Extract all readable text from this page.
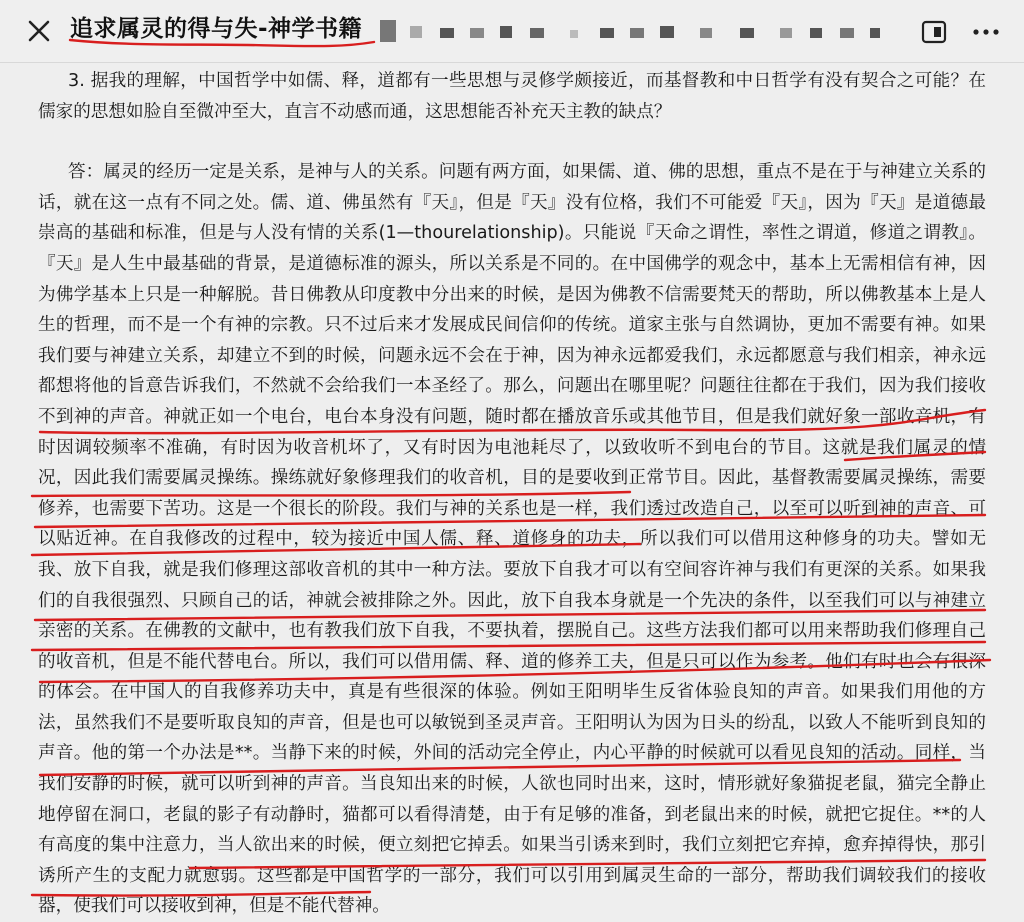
追求属灵的得与失-神学书籍

3. 据我的理解，中国哲学中如儒、释，道都有一些思想与灵修学颇接近，而基督教和中日哲学有没有契合之可能？在儒家的思想如脸自至微冲至大，直言不动感而通，这思想能否补充天主教的缺点？

答：属灵的经历一定是关系，是神与人的关系。问题有两方面，如果儒、道、佛的思想，重点不是在于与神建立关系的话，就在这一点有不同之处。儒、道、佛虽然有『天』，但是『天』没有位格，我们不可能爱『天』，因为『天』是道德最崇高的基础和标准，但是与人没有情的关系(1—thourelationship)。只能说『天命之谓性，率性之谓道，修道之谓教』。『天』是人生中最基础的背景，是道德标准的源头，所以关系是不同的。在中国佛学的观念中，基本上无需相信有神，因为佛学基本上只是一种解脱。昔日佛教从印度教中分出来的时候，是因为佛教不信需要梵天的帮助，所以佛教基本上是人生的哲理，而不是一个有神的宗教。只不过后来才发展成民间信仰的传统。道家主张与自然调协，更加不需要有神。如果我们要与神建立关系，却建立不到的时候，问题永远不会在于神，因为神永远都爱我们，永远都愿意与我们相亲，神永远都想将他的旨意告诉我们，不然就不会给我们一本圣经了。那么，问题出在哪里呢？问题往往都在于我们，因为我们接收不到神的声音。神就正如一个电台，电台本身没有问题，随时都在播放音乐或其他节目，但是我们就好象一部收音机，有时因调较频率不准确，有时因为收音机坏了，又有时因为电池耗尽了，以致收听不到电台的节目。这就是我们属灵的情况，因此我们需要属灵操练。操练就好象修理我们的收音机，目的是要收到正常节目。因此，基督教需要属灵操练，需要修养，也需要下苦功。这是一个很长的阶段。我们与神的关系也是一样，我们透过改造自己，以至可以听到神的声音、可以贴近神。在自我修改的过程中，较为接近中国人儒、释、道修身的功夫，所以我们可以借用这种修身的功夫。譬如无我、放下自我，就是我们修理这部收音机的其中一种方法。要放下自我才可以有空间容许神与我们有更深的关系。如果我们的自我很强烈、只顾自己的话，神就会被排除之外。因此，放下自我本身就是一个先决的条件，以至我们可以与神建立亲密的关系。在佛教的文献中，也有教我们放下自我，不要执着，摆脱自己。这些方法我们都可以用来帮助我们修理自己的收音机，但是不能代替电台。所以，我们可以借用儒、释、道的修养工夫，但是只可以作为参考。他们有时也会有很深的体会。在中国人的自我修养功夫中，真是有些很深的体验。例如王阳明毕生反省体验良知的声音。如果我们用他的方法，虽然我们不是要听取良知的声音，但是也可以敏锐到圣灵声音。王阳明认为因为日头的纷乱，以致人不能听到良知的声音。他的第一个办法是**。当静下来的时候，外间的活动完全停止，内心平静的时候就可以看见良知的活动。同样，当我们安静的时候，就可以听到神的声音。当良知出来的时候，人欲也同时出来，这时，情形就好象猫捉老鼠，猫完全静止地停留在洞口，老鼠的影子有动静时，猫都可以看得清楚，由于有足够的准备，到老鼠出来的时候，就把它捉住。**的人有高度的集中注意力，当人欲出来的时候，便立刻把它掉丢。如果当引诱来到时，我们立刻把它弃掉，愈弃掉得快，那引诱所产生的支配力就愈弱。这些都是中国哲学的一部分，我们可以引用到属灵生命的一部分，帮助我们调较我们的接收器，使我们可以接收到神，但是不能代替神。
